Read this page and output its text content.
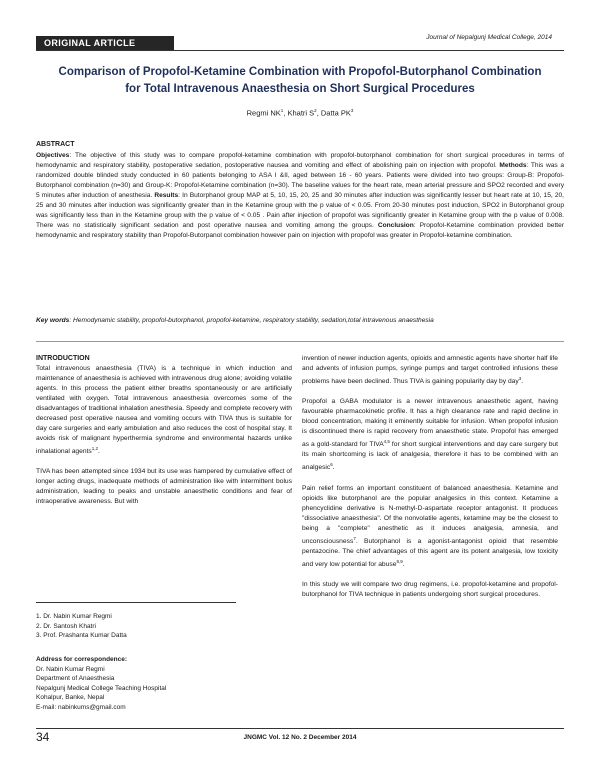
ORIGINAL ARTICLE
Journal of Nepalgunj Medical College, 2014
Comparison of Propofol-Ketamine Combination with Propofol-Butorphanol Combination
for Total Intravenous Anaesthesia on Short Surgical Procedures
Regmi $NK^1$, Khatri $S^2$, Datta $PK^3$
ABSTRACT
Objectives: The objective of this study was to compare propofol-ketamine combination with propofol-butorphanol combination for short surgical procedures in terms of hemodynamic and respiratory stability, postoperative sedation, postoperative nausea and vomiting and effect of abolishing pain on injection with propofol. Methods: This was a randomized double blinded study conducted in 60 patients belonging to ASA I &II, aged between 16 - 60 years. Patients were divided into two groups: Group-B: Propofol-Butorphanol combination (n=30) and Group-K: Propofol-Ketamine combination (n=30). The baseline values for the heart rate, mean arterial pressure and SPO2 recorded and every 5 minutes after induction of anesthesia. Results: In Butorphanol group MAP at 5, 10, 15, 20, 25 and 30 minutes after induction was significantly lesser but heart rate at 10, 15, 20, 25 and 30 minutes after induction was significantly greater than in the Ketamine group with the p value of < 0.05. From 20-30 minutes post induction, SPO2 in Butorphanol group was significantly less than in the Ketamine group with the p value of < 0.05 . Pain after injection of propofol was significantly greater in Ketamine group with the p value of 0.008. There was no statistically significant sedation and post operative nausea and vomiting among the groups. Conclusion: Propofol-Ketamine combination provided better hemodynamic and respiratory stability than Propofol-Butorpanol combination however pain on injection with propofol was greater in Propofol-ketamine combination.
Key words: Hemodynamic stability, propofol-butorphanol, propofol-ketamine, respiratory stability, sedation,total intravenous anaesthesia
INTRODUCTION

Total intravenous anaesthesia (TIVA) is a technique in which induction and maintenance of anaesthesia is achieved with intravenous drug alone; avoiding volatile agents. In this process the patient either breaths spontaneously or are artificially ventilated with oxygen. Total intravenous anaesthesia overcomes some of the disadvantages of traditional inhalation anesthesia. Speedy and complete recovery with decreased post operative nausea and vomiting occurs with TIVA thus is suitable for day care surgeries and early ambulation and also reduces the cost of hospital stay. It avoids risk of malignant hyperthermia syndrome and environmental hazards unlike inhalational agents$^{1,2}$.

TIVA has been attempted since 1934 but its use was hampered by cumulative effect of longer acting drugs, inadequate methods of administration like with intermittent bolus administration, leading to peaks and unstable anaesthetic conditions and fear of intraoperative awareness. But with

invention of newer induction agents, opioids and amnestic agents have shorter half life and advents of infusion pumps, syringe pumps and target controlled infusions these problems have been declined. Thus TIVA is gaining popularity day by day$^3$.

Propofol a GABA modulator is a newer intravenous anaesthetic agent, having favourable pharmacokinetic profile. It has a high clearance rate and rapid decline in blood concentration, making it eminently suitable for infusion. When propofol infusion is discontinued there is rapid recovery from anaesthetic state. Propofol has emerged as a gold-standard for TIVA$^{4,5}$ for short surgical interventions and day care surgery but its main shortcoming is lack of analgesia, therefore it has to be combined with an analgesic$^6$.

Pain relief forms an important constituent of balanced anaesthesia. Ketamine and opioids like butorphanol are the popular analgesics in this context. Ketamine a phencyclidine derivative is N-methyl-D-aspartate receptor antagonist. It produces "dissociative anaesthesia". Of the nonvolatile agents, ketamine may be the closest to being a "complete" anesthetic as it induces analgesia, amnesia, and unconsciousness$^7$. Butorphanol is a agonist-antagonist opioid that resemble pentazocine. The chief advantages of this agent are its potent analgesia, low toxicity and very low potential for abuse$^{8,9}$.

In this study we will compare two drug regimens, i.e. propofol-ketamine and propofol-butorphanol for TIVA technique in patients undergoing short surgical procedures.

1. Dr. Nabin Kumar Regmi
2. Dr. Santosh Khatri
3. Prof. Prashanta Kumar Datta
Address for correspondence:
Dr. Nabin Kumar Regmi
Department of Anaesthesia
Nepalgunj Medical College Teaching Hospital
Kohalpur, Banke, Nepal
E-mail: nabinkums@gmail.com
34	JNGMC Vol. 12 No. 2 December 2014
